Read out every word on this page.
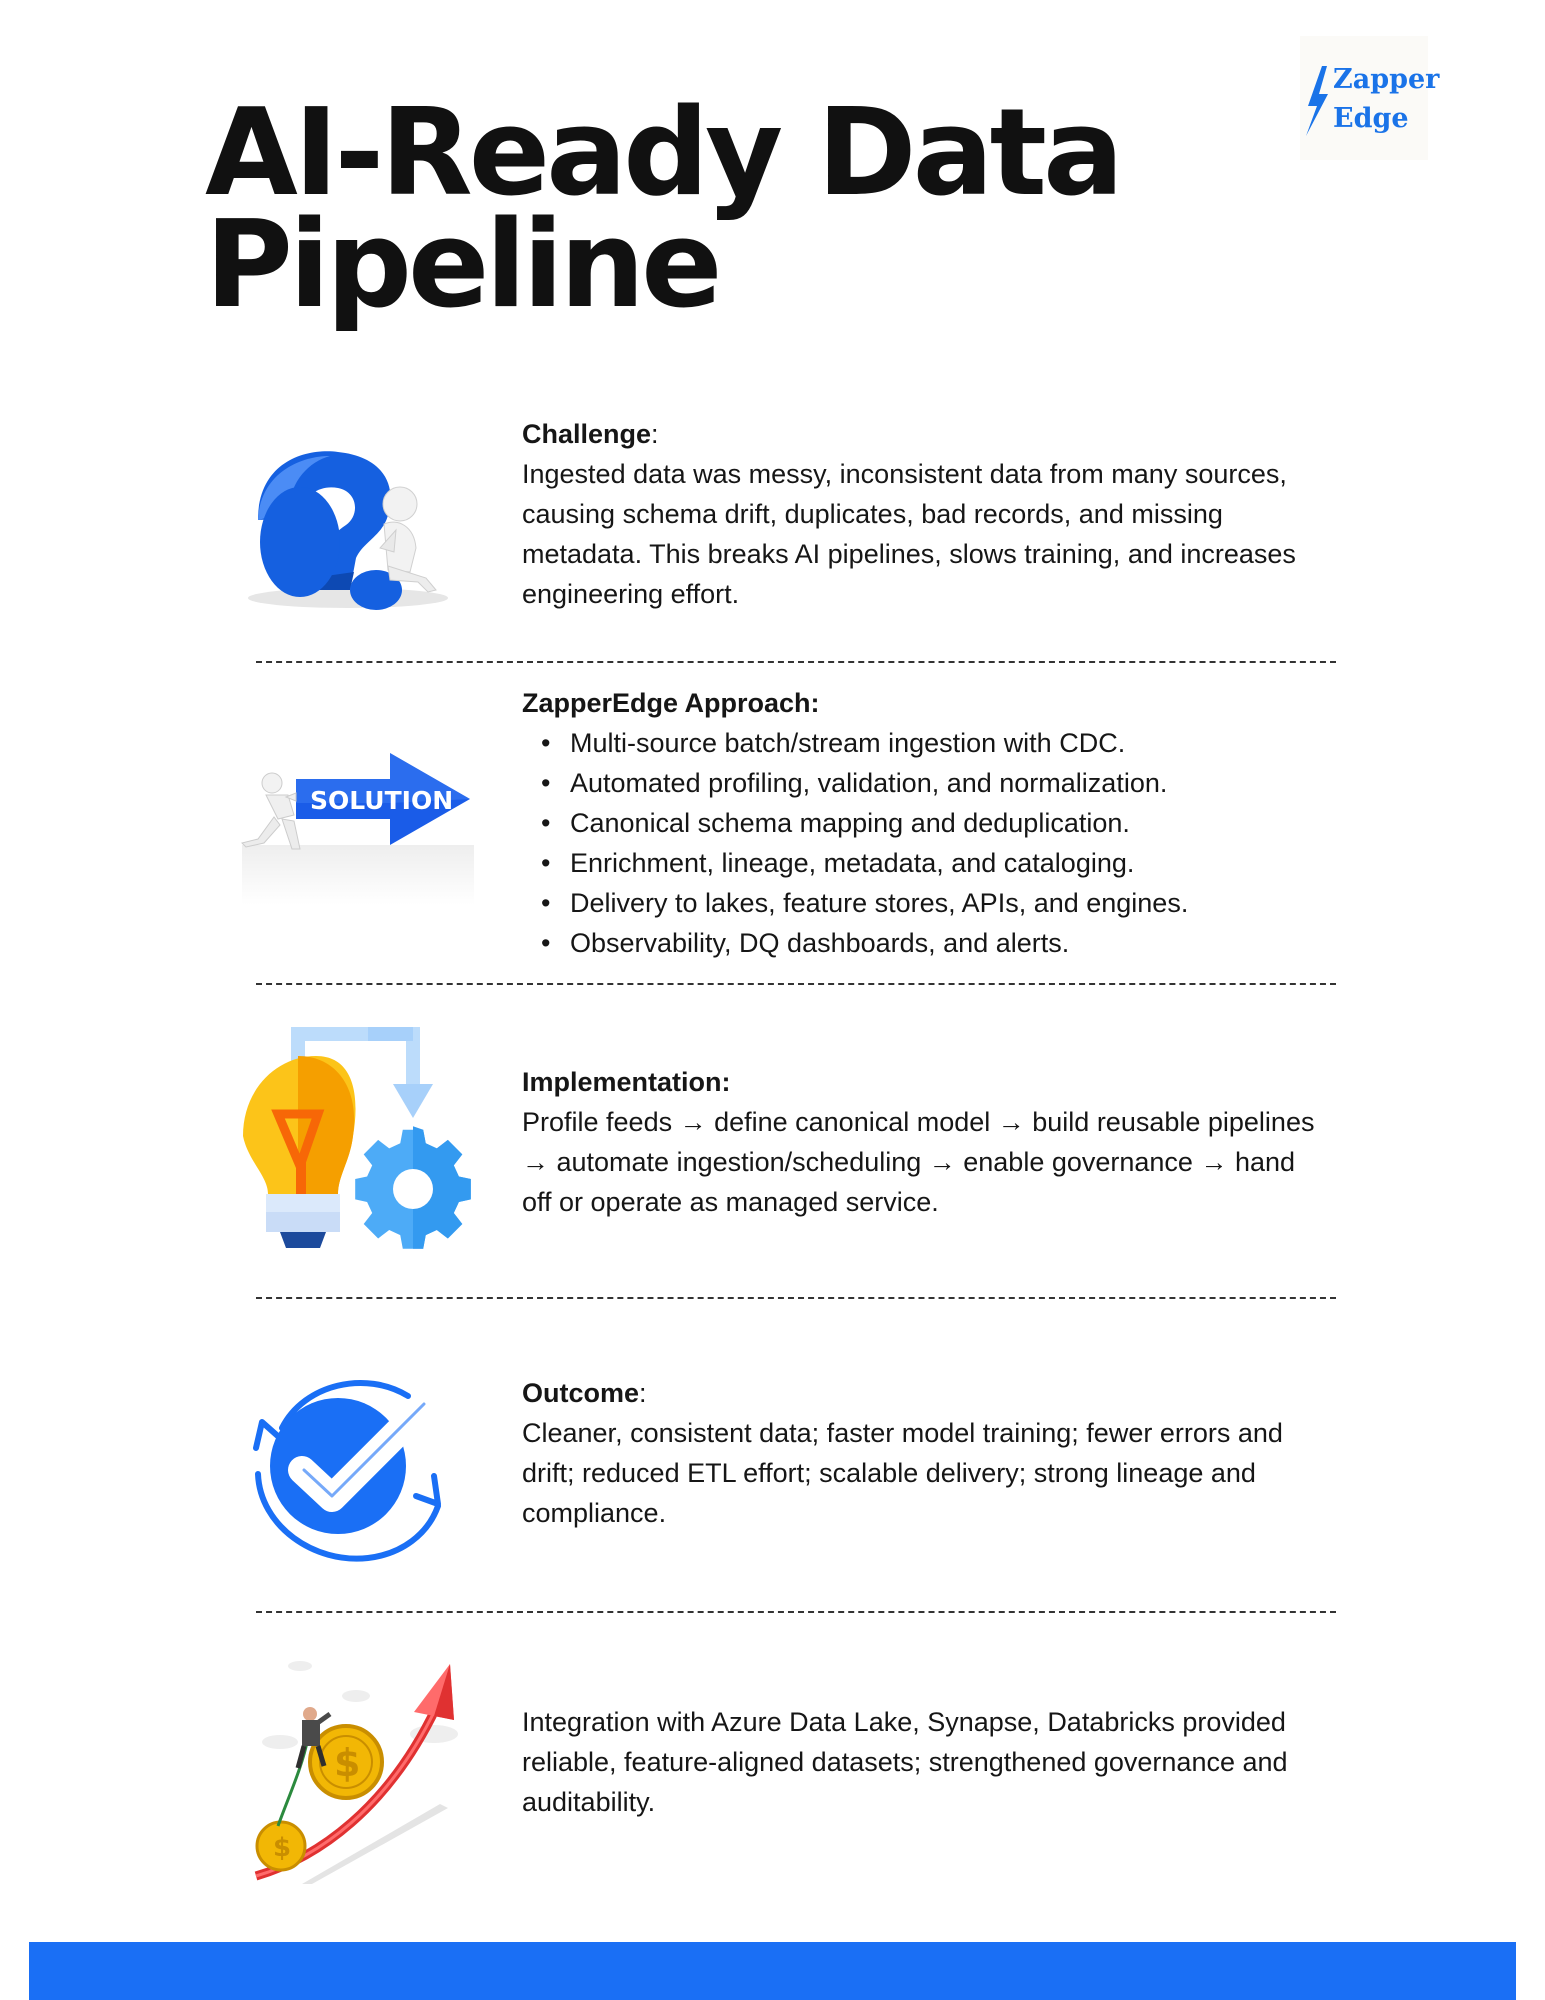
Zapper
Edge
AI-Ready Data
Pipeline
Challenge:
Ingested data was messy, inconsistent data from many sources, causing schema drift, duplicates, bad records, and missing metadata. This breaks AI pipelines, slows training, and increases engineering effort.
SOLUTION
ZapperEdge Approach:
• Multi-source batch/stream ingestion with CDC.
• Automated profiling, validation, and normalization.
• Canonical schema mapping and deduplication.
• Enrichment, lineage, metadata, and cataloging.
• Delivery to lakes, feature stores, APIs, and engines.
• Observability, DQ dashboards, and alerts.
Implementation:
Profile feeds → define canonical model → build reusable pipelines → automate ingestion/scheduling → enable governance → hand off or operate as managed service.
Outcome:
Cleaner, consistent data; faster model training; fewer errors and drift; reduced ETL effort; scalable delivery; strong lineage and compliance.
$
$
Integration with Azure Data Lake, Synapse, Databricks provided reliable, feature-aligned datasets; strengthened governance and auditability.
